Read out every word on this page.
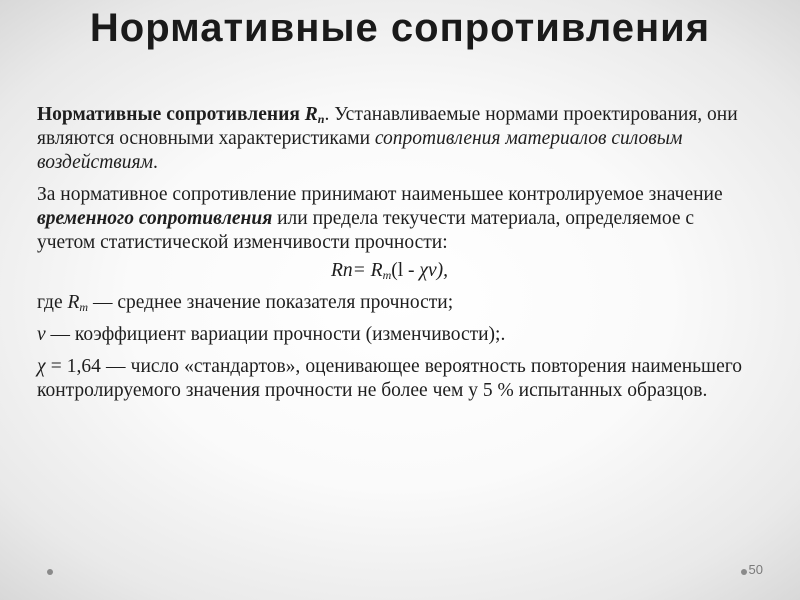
Нормативные сопротивления

Нормативные сопротивления $R_n$. Устанавливаемые нормами проектирования, они являются основными характеристиками сопротивления материалов силовым воздействиям.

За нормативное сопротивление принимают наименьшее контролируемое значение временного сопротивления или предела текучести материала, определяемое с учетом статистической изменчивости прочности:

$Rn= R_m(l - \chi v)$,

где $R_m$ — среднее значение показателя прочности;

v — коэффициент вариации прочности (изменчивости);.

χ = 1,64 — число «стандартов», оценивающее вероятность повторения наименьшего контролируемого значения прочности не более чем у 5 % испытанных образцов.

50
